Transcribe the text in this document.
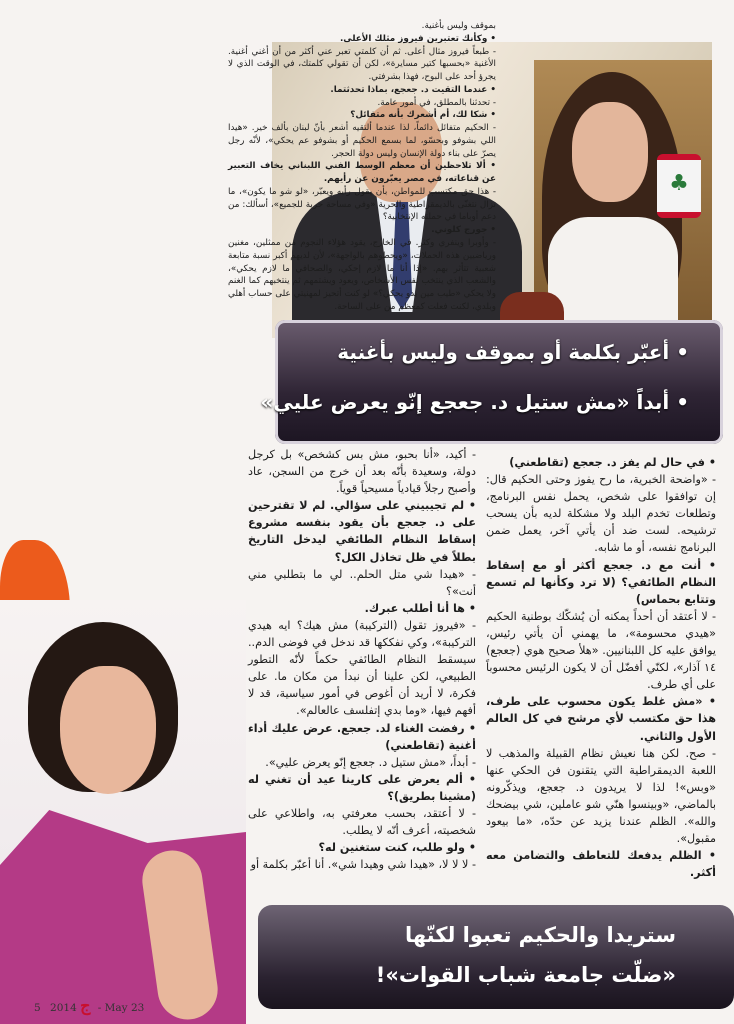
♣
• أعبّر بكلمة أو بموقف وليس بأغنية
• أبداً «مش ستيل د. جعجع إنّو يعرض عليي»

بموقف وليس بأغنية.

• وكأنك تعتبرين فيروز مثلك الأعلى.

- طبعاً فيروز مثال أعلى. ثم أن كلمتي تعبر عني أكثر من أن أغني أغنية. الأغنية «بحسبها كتير مسايرة»، لكن أن تقولي كلمتك، في الوقت الذي لا يجرؤ أحد على البوح، فهذا بشرفتي.

• عندما التقيت د. جعجع، بماذا تحدثتما.

- تحدثنا بالمطلق، في أمور عامة.

• شكا لك، أم أشعرك بأنه متفائل؟

- الحكيم متفائل دائماً، لذا عندما ألتقيه أشعر بأنّ لبنان بألف خير. «هيدا اللي بشوفو وبحسّو، لما بسمع الحكيم أو بشوفو عم يحكي»، لأنّه رجل يصرّ على بناء دولة الإنسان وليس دولة الحجر.

• ألا تلاحظين أن معظم الوسط الفني اللبناني يخاف التعبير عن قناعاته، في مصر يعبّرون عن رأيهم.

- هذا حق مكتسب للمواطن، بأن يقول رأيه ويعبّر، «لو شو ما يكون»، ما نزال نتغنّى بالديمقراطية والحرية «وفي مساحة حرية للجميع»، أسألك: من دعم أوباما في حملته الإنتخابية؟

• جورج كلوني.

- وأوبرا وينفري وكثر. في الخارج، يقود هؤلاء النجوم من ممثلين، مغنين ورياضيين هذه الحملات، «ويحطوهم بالواجهة»، لأن لديهم أكبر نسبة متابعة شعبية تتأثر بهم. «إذا أنا ما لازم إحكي، والصحافي ما لازم يحكي»، والشعب الذي ينتخب نفس الأشخاص، ويعود ويشتمهم ثم ينتخبهم كما الغنم ولا يحكي «طيب مين بدو يحكي؟» لو كنت أتحيز لمهنيتي على حساب أهلي وبلدي، لكنت فعلت كمعظم من على الساحة.

- أكيد، «أنا بحبو، مش بس كشخص» بل كرجل دولة، وسعيدة بأنّه بعد أن خرج من السجن، عاد وأصبح رجلاً قيادياً مسيحياً قوياً.

• لم تجيبيني على سؤالي. لم لا تقترحين على د. جعجع بأن يقود بنفسه مشروع إسقاط النظام الطائفي ليدخل التاريخ بطلاً في ظل تخاذل الكل؟

- «هيدا شي متل الحلم.. لي ما بتطلبي مني أنت»؟

• ها أنا أطلب عبرك.

- «فيروز تقول (التركيبة) مش هيك؟ ايه هيدي التركيبة»، وكي نفككها قد ندخل في فوضى الدم.. سيسقط النظام الطائفي حكماً لأنّه التطور الطبيعي، لكن علينا أن نبدأ من مكان ما. على فكرة، لا أريد أن أغوص في أمور سياسية، قد لا أفهم فيها، «وما بدي إتفلسف عالعالم».

• رفضت الغناء لد. جعجع. عرض عليك أداء أغنية (تقاطعني)

- أبداً، «مش ستيل د. جعجع إنّو يعرض عليي».

• ألم يعرض على كارينا عيد أن تغني له (مشينا بطريق)؟

- لا أعتقد، بحسب معرفتي به، واطلاعي على شخصيته، أعرف أنّه لا يطلب.

• ولو طلب، كنت ستغنين له؟

- لا لا لا، «هيدا شي وهيدا شي». أنا أعبّر بكلمة أو

• في حال لم يفز د. جعجع (تقاطعني)

- «واضحة الخبرية، ما رح يفوز وحتى الحكيم قال: إن توافقوا على شخص، يحمل نفس البرنامج، وتطلعات تخدم البلد ولا مشكلة لديه بأن يسحب ترشيحه. لست ضد أن يأتي آخر، يعمل ضمن البرنامج نفسه، أو ما شابه.

• أنت مع د. جعجع أكثر أو مع إسقاط النظام الطائفي؟ (لا ترد وكأنها لم تسمع وتتابع بحماس)

- لا أعتقد أن أحداً يمكنه أن يُشكّك بوطنية الحكيم «هيدي محسومة»، ما يهمني أن يأتي رئيس، يوافق عليه كل اللبنانيين. «هلأ صحيح هوي (جعجع) ١٤ آذار»، لكنّي أفضّل أن لا يكون الرئيس محسوباً على أي طرف.

• «مش غلط يكون محسوب على طرف، هذا حق مكتسب لأي مرشح في كل العالم الأول والثاني.

- صح. لكن هنا نعيش نظام القبيلة والمذهب لا اللعبة الديمقراطية التي يتقنون فن الحكي عنها «وبس»! لذا لا يريدون د. جعجع، ويذكّرونه بالماضي، «وبينسوا هنّي شو عاملين، شي بيضحك والله». الظلم عندنا يزيد عن حدّه، «ما بيعود مقبول».

• الظلم يدفعك للتعاطف والتضامن معه أكثر.

ستريدا والحكيم تعبوا لكنّها
«ضلّت جامعة شباب القوات»!
5 ج 2014 - May 23
